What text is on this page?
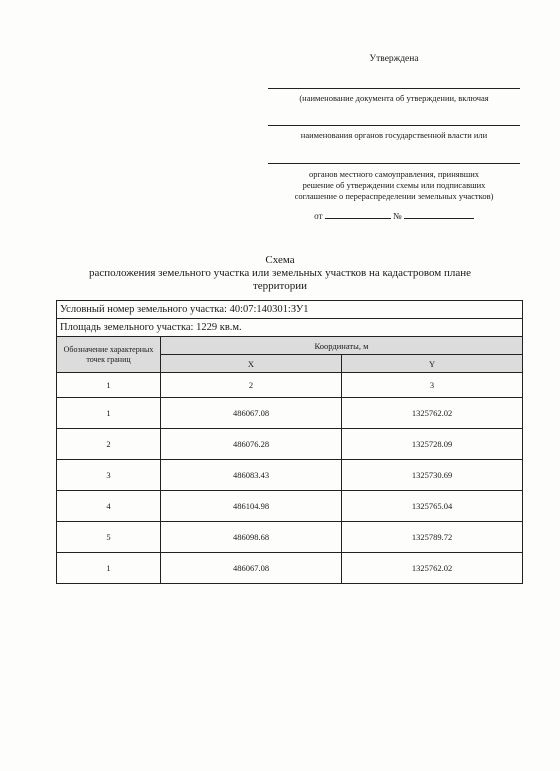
Утверждена
(наименование документа об утверждении, включая
наименования органов государственной власти или
органов местного самоуправления, принявших
решение об утверждении схемы или подписавших
соглашение о перераспределении земельных участков)
от	№
Схема
расположения земельного участка или земельных участков на кадастровом плане
территории
Условный номер земельного участка: 40:07:140301:ЗУ1		
Площадь земельного участка: 1229 кв.м.		
Обозначение характерных точек границ	Координаты, м	
	X	Y
1	2	3
1	486067.08	1325762.02
2	486076.28	1325728.09
3	486083.43	1325730.69
4	486104.98	1325765.04
5	486098.68	1325789.72
1	486067.08	1325762.02
